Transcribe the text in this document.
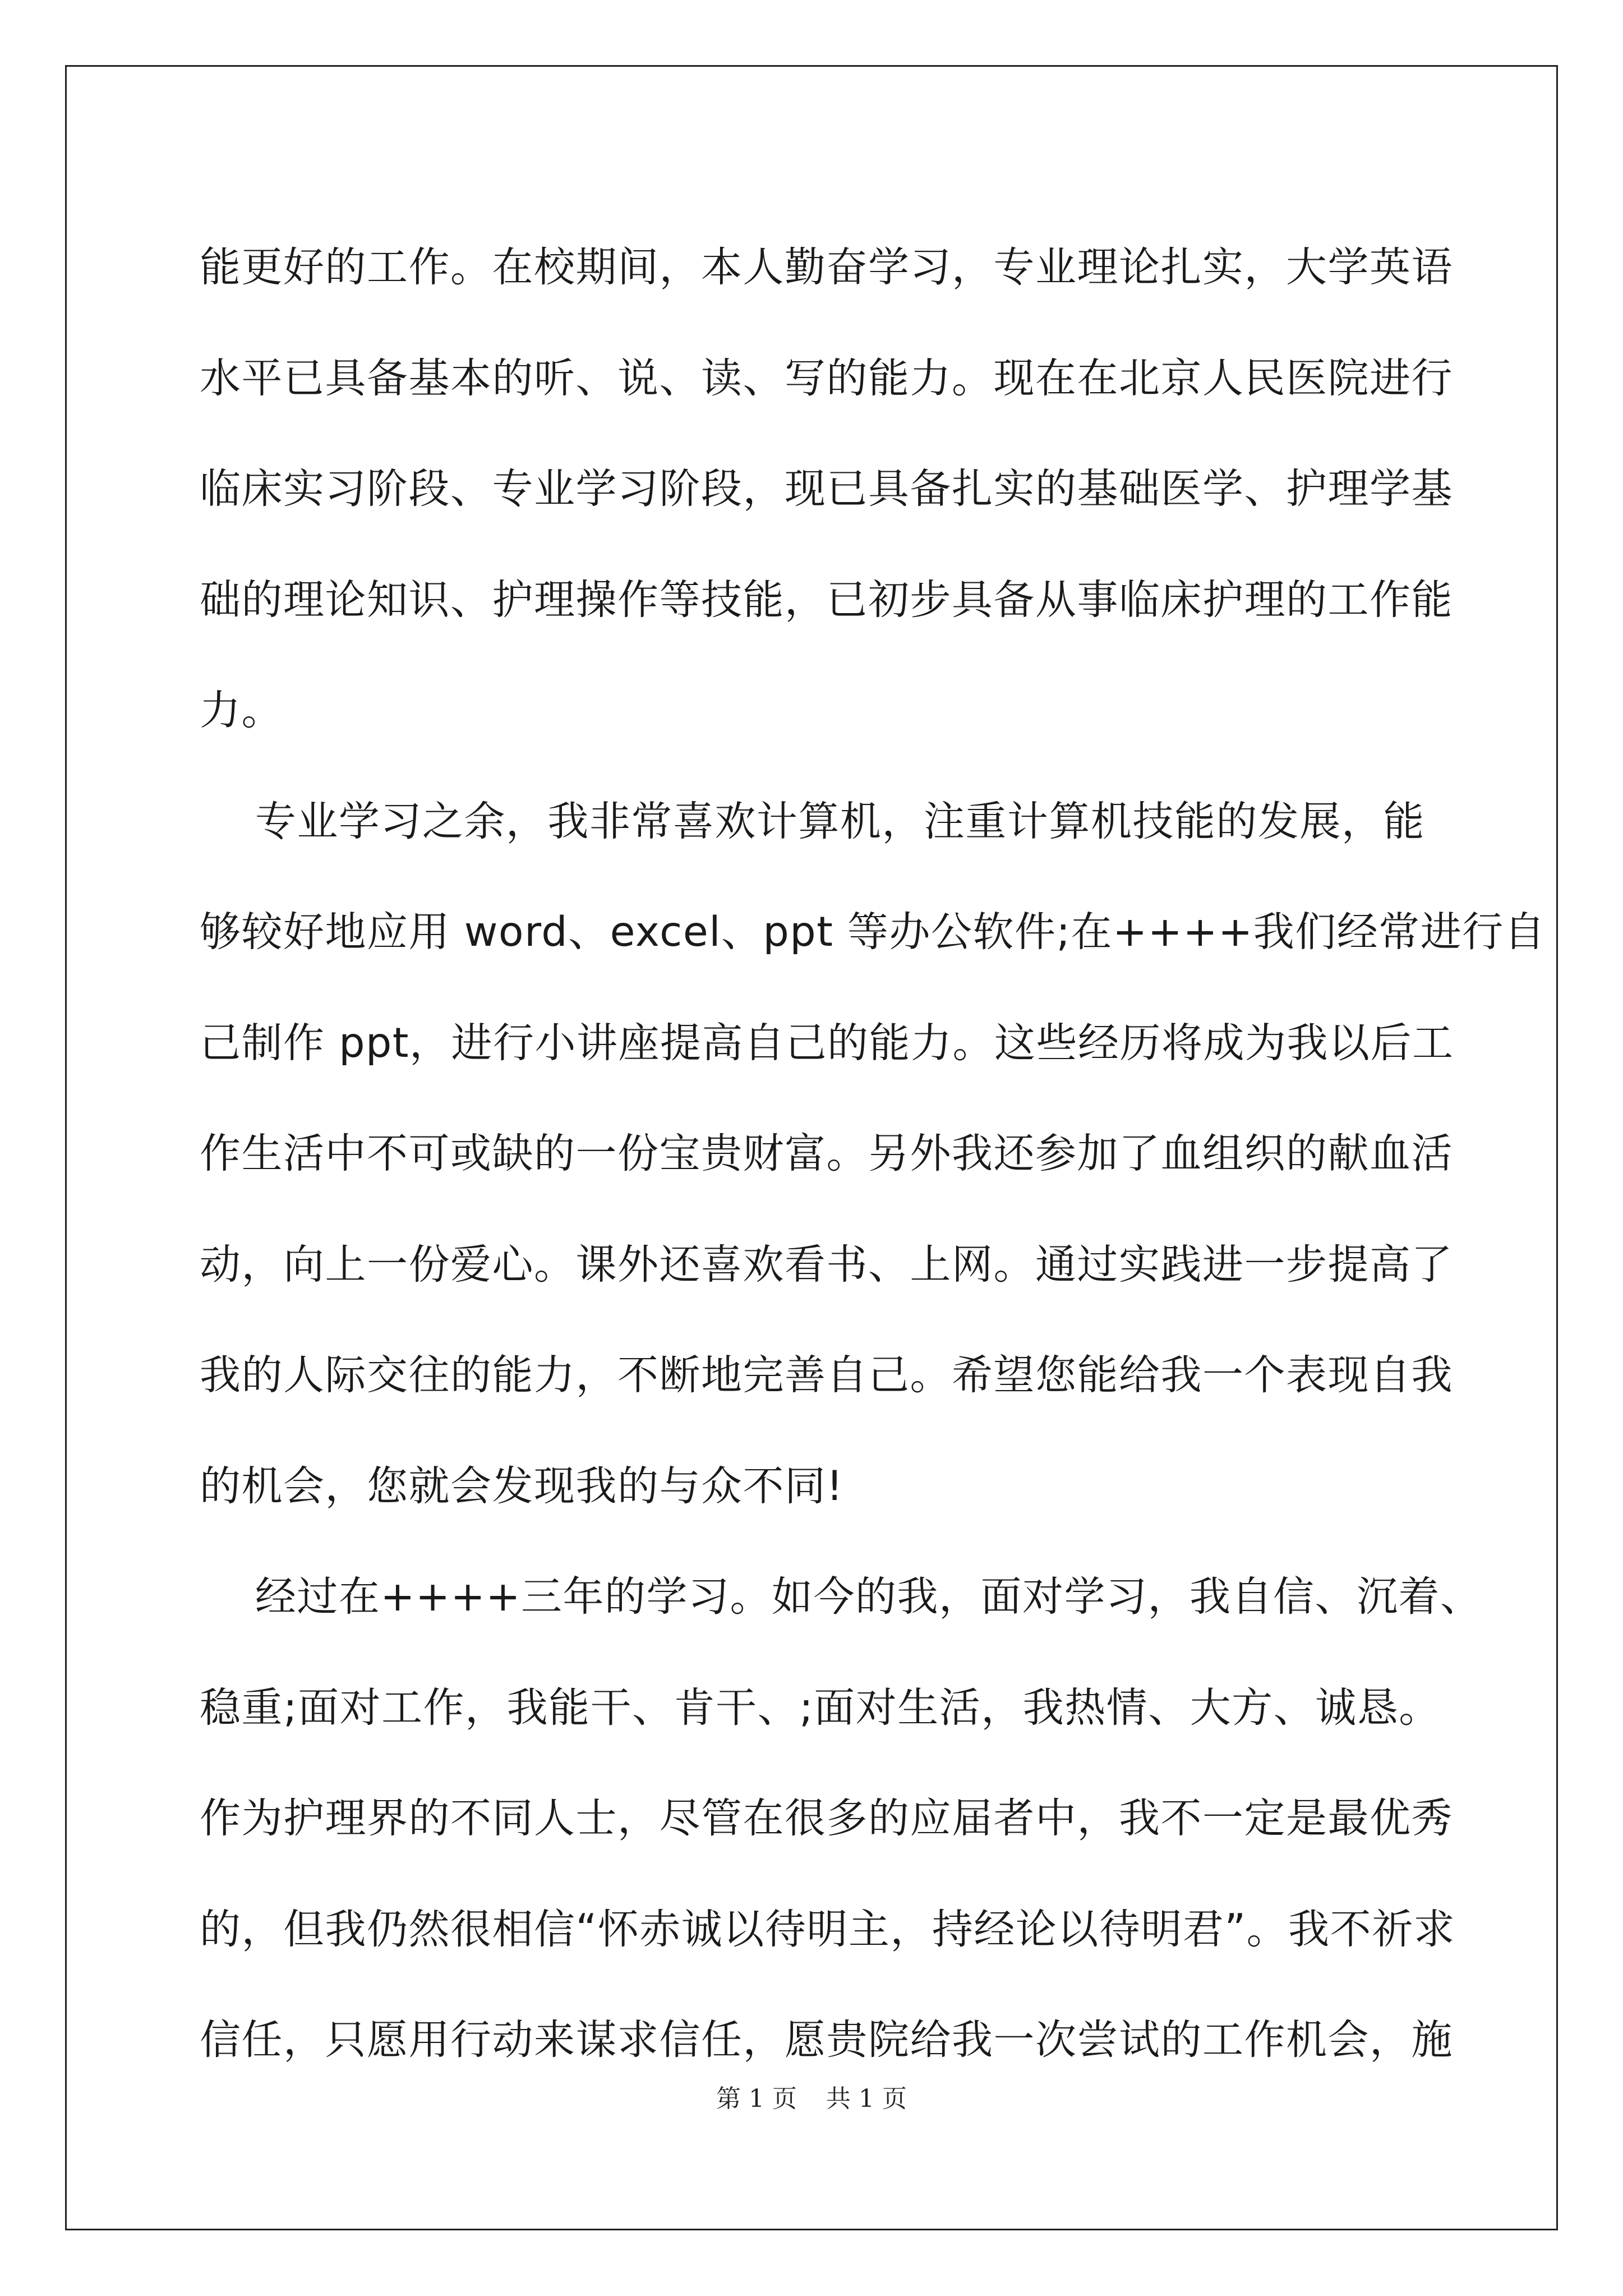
能更好的工作。在校期间，本人勤奋学习，专业理论扎实，大学英语
水平已具备基本的听、说、读、写的能力。现在在北京人民医院进行
临床实习阶段、专业学习阶段，现已具备扎实的基础医学、护理学基
础的理论知识、护理操作等技能，已初步具备从事临床护理的工作能
力。
专业学习之余，我非常喜欢计算机，注重计算机技能的发展，能
够较好地应用 word、excel、ppt 等办公软件;在++++我们经常进行自
己制作 ppt，进行小讲座提高自己的能力。这些经历将成为我以后工
作生活中不可或缺的一份宝贵财富。另外我还参加了血组织的献血活
动，向上一份爱心。课外还喜欢看书、上网。通过实践进一步提高了
我的人际交往的能力，不断地完善自己。希望您能给我一个表现自我
的机会，您就会发现我的与众不同!
经过在++++三年的学习。如今的我，面对学习，我自信、沉着、
稳重;面对工作，我能干、肯干、;面对生活，我热情、大方、诚恳。
作为护理界的不同人士，尽管在很多的应届者中，我不一定是最优秀
的，但我仍然很相信“怀赤诚以待明主，持经论以待明君”。我不祈求
信任，只愿用行动来谋求信任，愿贵院给我一次尝试的工作机会，施
第 1 页 共 1 页
